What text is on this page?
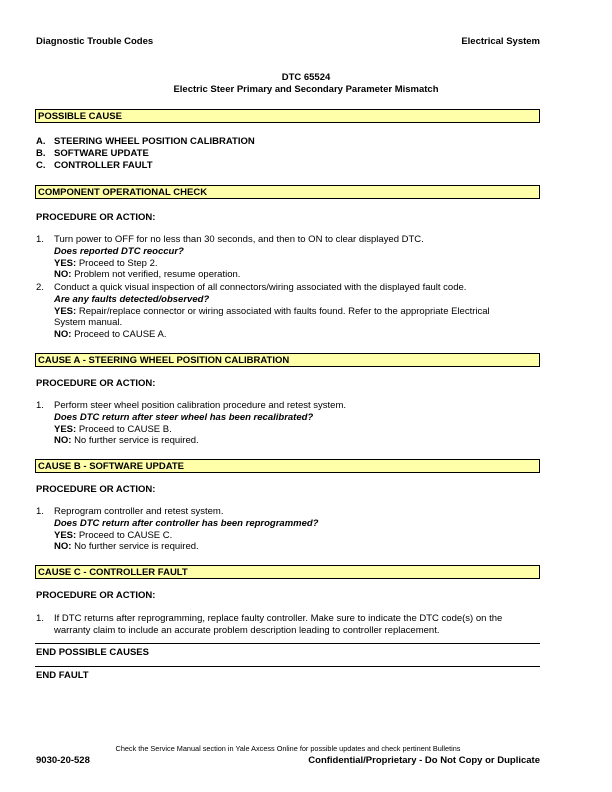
Diagnostic Trouble Codes	Electrical System
DTC 65524
Electric Steer Primary and Secondary Parameter Mismatch
POSSIBLE CAUSE
A. STEERING WHEEL POSITION CALIBRATION
B. SOFTWARE UPDATE
C. CONTROLLER FAULT
COMPONENT OPERATIONAL CHECK
PROCEDURE OR ACTION:
1. Turn power to OFF for no less than 30 seconds, and then to ON to clear displayed DTC.
Does reported DTC reoccur?
YES: Proceed to Step 2.
NO: Problem not verified, resume operation.
2. Conduct a quick visual inspection of all connectors/wiring associated with the displayed fault code.
Are any faults detected/observed?
YES: Repair/replace connector or wiring associated with faults found. Refer to the appropriate Electrical
System manual.
NO: Proceed to CAUSE A.
CAUSE A - STEERING WHEEL POSITION CALIBRATION
PROCEDURE OR ACTION:
1. Perform steer wheel position calibration procedure and retest system.
Does DTC return after steer wheel has been recalibrated?
YES: Proceed to CAUSE B.
NO: No further service is required.
CAUSE B - SOFTWARE UPDATE
PROCEDURE OR ACTION:
1. Reprogram controller and retest system.
Does DTC return after controller has been reprogrammed?
YES: Proceed to CAUSE C.
NO: No further service is required.
CAUSE C - CONTROLLER FAULT
PROCEDURE OR ACTION:
1. If DTC returns after reprogramming, replace faulty controller. Make sure to indicate the DTC code(s) on the
warranty claim to include an accurate problem description leading to controller replacement.
END POSSIBLE CAUSES
END FAULT
Check the Service Manual section in Yale Axcess Online for possible updates and check pertinent Bulletins
9030-20-528	Confidential/Proprietary - Do Not Copy or Duplicate
